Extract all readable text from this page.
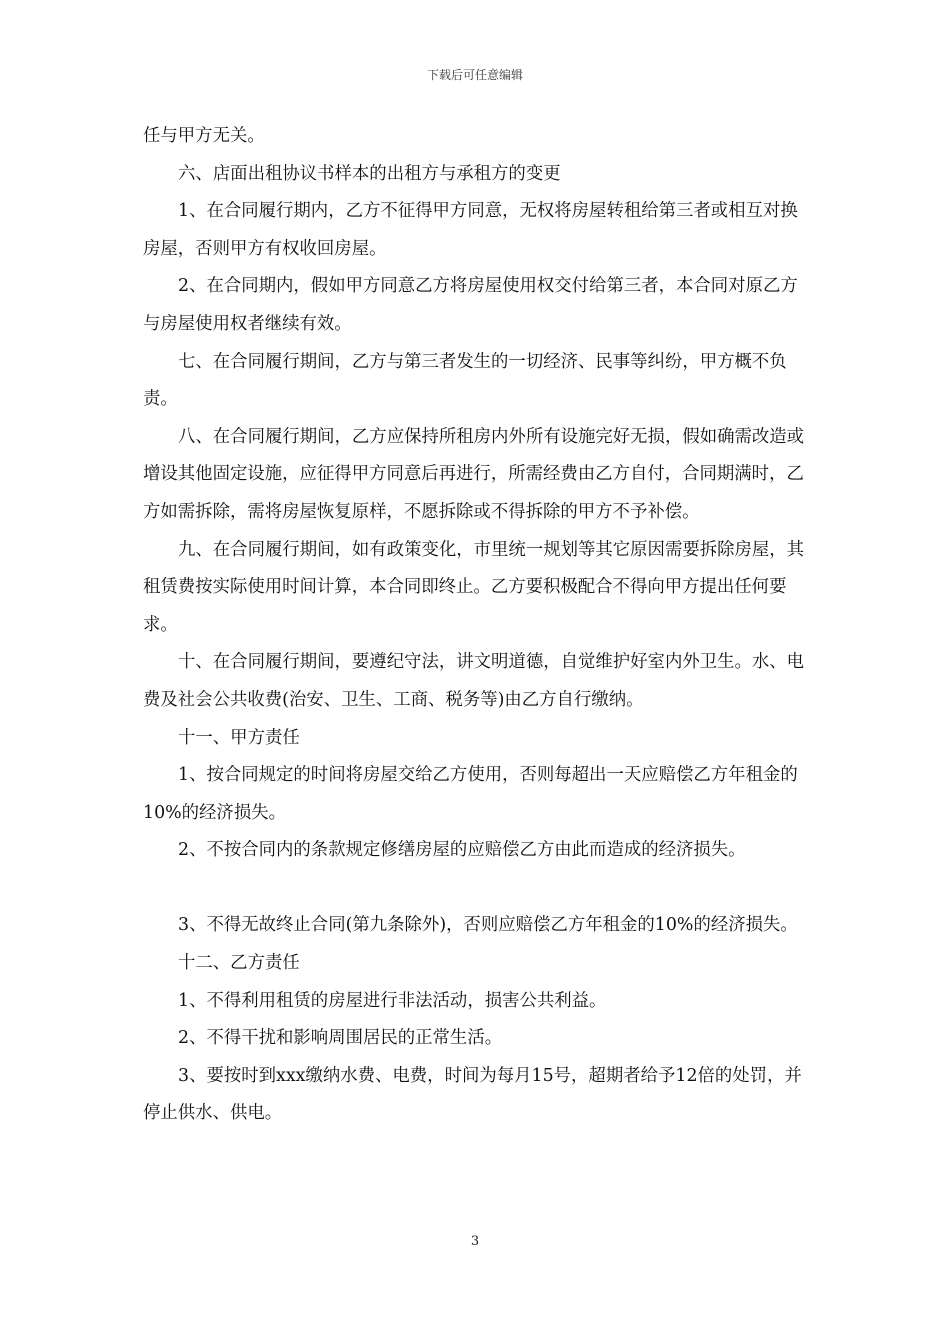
下载后可任意编辑

任与甲方无关。

六、店面出租协议书样本的出租方与承租方的变更

1、在合同履行期内，乙方不征得甲方同意，无权将房屋转租给第三者或相互对换房屋，否则甲方有权收回房屋。

2、在合同期内，假如甲方同意乙方将房屋使用权交付给第三者，本合同对原乙方与房屋使用权者继续有效。

七、在合同履行期间，乙方与第三者发生的一切经济、民事等纠纷，甲方概不负责。

八、在合同履行期间，乙方应保持所租房内外所有设施完好无损，假如确需改造或增设其他固定设施，应征得甲方同意后再进行，所需经费由乙方自付，合同期满时，乙方如需拆除，需将房屋恢复原样，不愿拆除或不得拆除的甲方不予补偿。

九、在合同履行期间，如有政策变化，市里统一规划等其它原因需要拆除房屋，其租赁费按实际使用时间计算，本合同即终止。乙方要积极配合不得向甲方提出任何要求。

十、在合同履行期间，要遵纪守法，讲文明道德，自觉维护好室内外卫生。水、电费及社会公共收费(治安、卫生、工商、税务等)由乙方自行缴纳。

十一、甲方责任

1、按合同规定的时间将房屋交给乙方使用，否则每超出一天应赔偿乙方年租金的10%的经济损失。

2、不按合同内的条款规定修缮房屋的应赔偿乙方由此而造成的经济损失。

3、不得无故终止合同(第九条除外)，否则应赔偿乙方年租金的10%的经济损失。

十二、乙方责任

1、不得利用租赁的房屋进行非法活动，损害公共利益。

2、不得干扰和影响周围居民的正常生活。

3、要按时到xxx缴纳水费、电费，时间为每月15号，超期者给予12倍的处罚，并停止供水、供电。

3
